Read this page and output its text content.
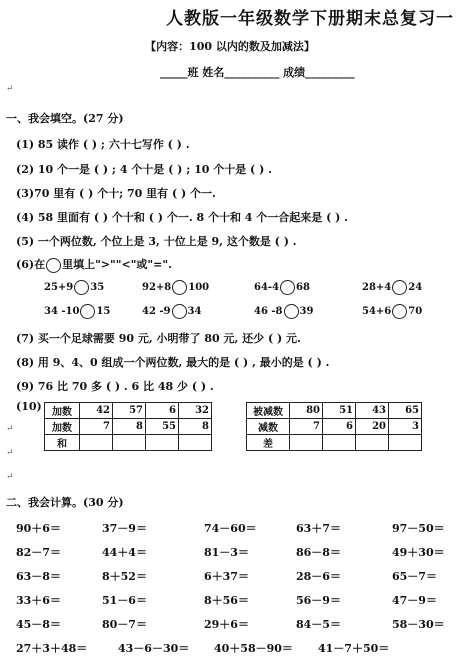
人教版一年级数学下册期末总复习一
【内容：100 以内的数及加减法】
_____班 姓名__________ 成绩_________
↵
一、我会填空。(27 分)
(1) 85 读作 ( ) ; 六十七写作 ( ) .
(2) 10 个一是 ( ) ; 4 个十是 ( ) ; 10 个十是 ( ) .
(3)70 里有 ( ) 个十; 70 里有 ( ) 个一.
(4) 58 里面有 ( ) 个十和 ( ) 个一. 8 个十和 4 个一合起来是 ( ) .
(5) 一个两位数, 个位上是 3, 十位上是 9, 这个数是 ( ) .
(6)在 里填上">""<"或"=".
25+9 35	92+8 100	64-4 68	28+4 24
34 -10 15	42 -9 34	46 -8 39	54+6 70
(7) 买一个足球需要 90 元, 小明带了 80 元, 还少 ( ) 元.
(8) 用 9、4、0 组成一个两位数, 最大的是 ( ) , 最小的是 ( ) .
(9) 76 比 70 多 ( ) . 6 比 48 少 ( ) .
(10) 加数	42	57	6	32
加数	7	8	55	8
和				
被减数	80	51	43	65
减数	7	6	20	3
差				
↵
↵
↵
二、我会计算。(30 分)
90＋6＝	37－9＝	74－60＝	63＋7＝	97－50＝
82－7＝	44＋4＝	81－3＝	86－8＝	49＋30＝
63－8＝	8＋52＝	6＋37＝	28－6＝	65－7＝
33＋6＝	51－6＝	8＋56＝	56－9＝	47－9＝
45－8＝	80－7＝	29＋6＝	84－5＝	58－30＝
27＋3＋48＝	43－6－30＝ 40＋58－90＝ 41－7＋50＝
